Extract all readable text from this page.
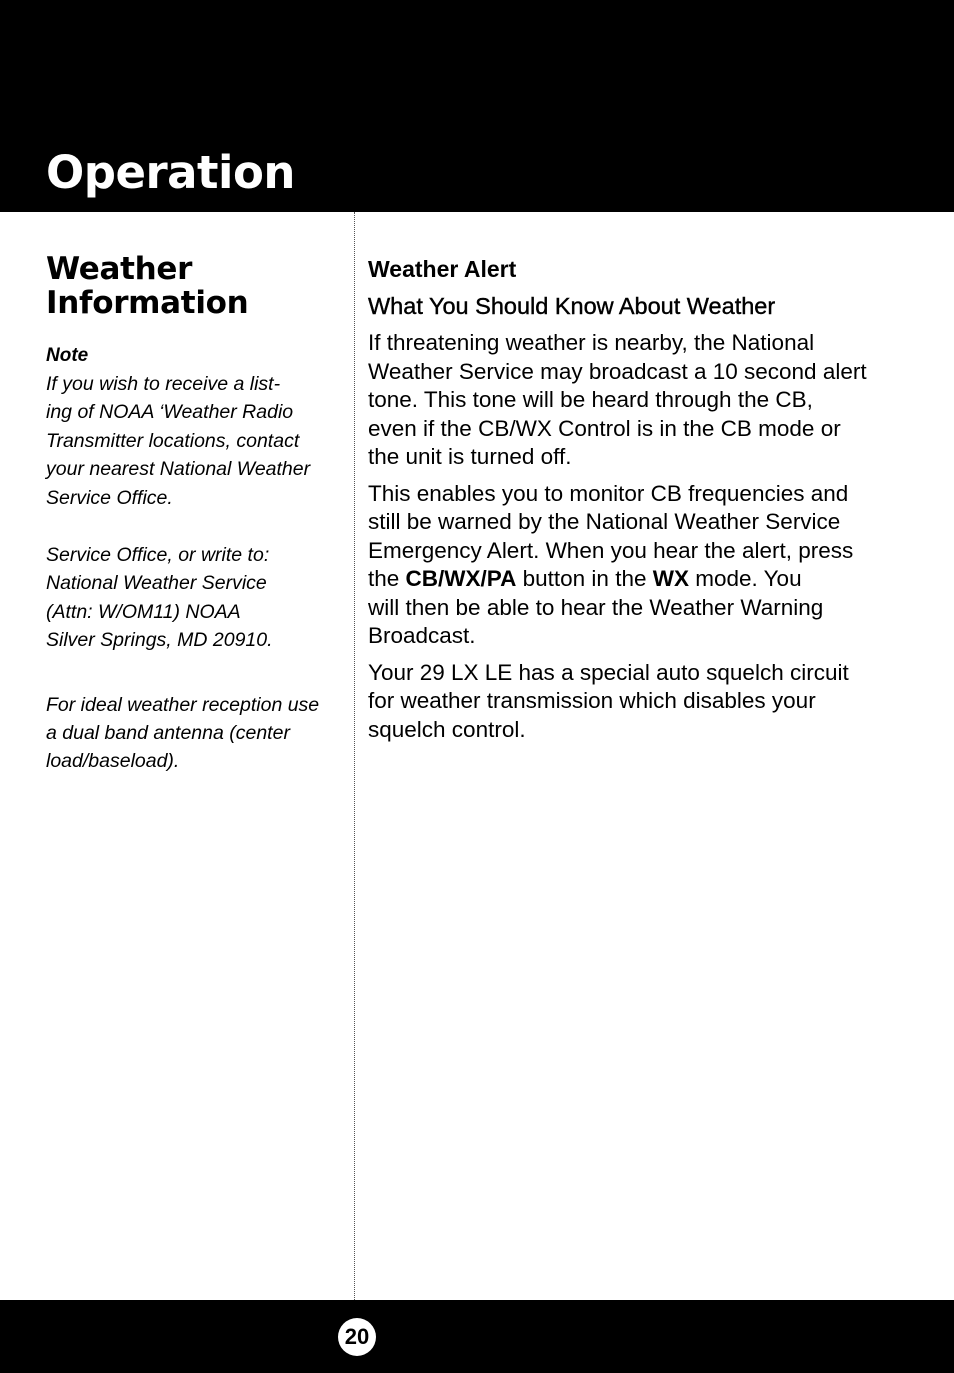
Operation
Weather
Information
Note

If you wish to receive a list-
ing of NOAA ‘Weather Radio
Transmitter locations, contact
your nearest National Weather
Service Office.

Service Office, or write to:
National Weather Service
(Attn: W/OM11) NOAA
Silver Springs, MD 20910.

For ideal weather reception use
a dual band antenna (center
load/baseload).

Weather Alert
What You Should Know About Weather

If threatening weather is nearby, the National
Weather Service may broadcast a 10 second alert
tone. This tone will be heard through the CB,
even if the CB/WX Control is in the CB mode or
the unit is turned off.

This enables you to monitor CB frequencies and
still be warned by the National Weather Service
Emergency Alert. When you hear the alert, press
the CB/WX/PA button in the WX mode. You
will then be able to hear the Weather Warning
Broadcast.

Your 29 LX LE has a special auto squelch circuit
for weather transmission which disables your
squelch control.

20
